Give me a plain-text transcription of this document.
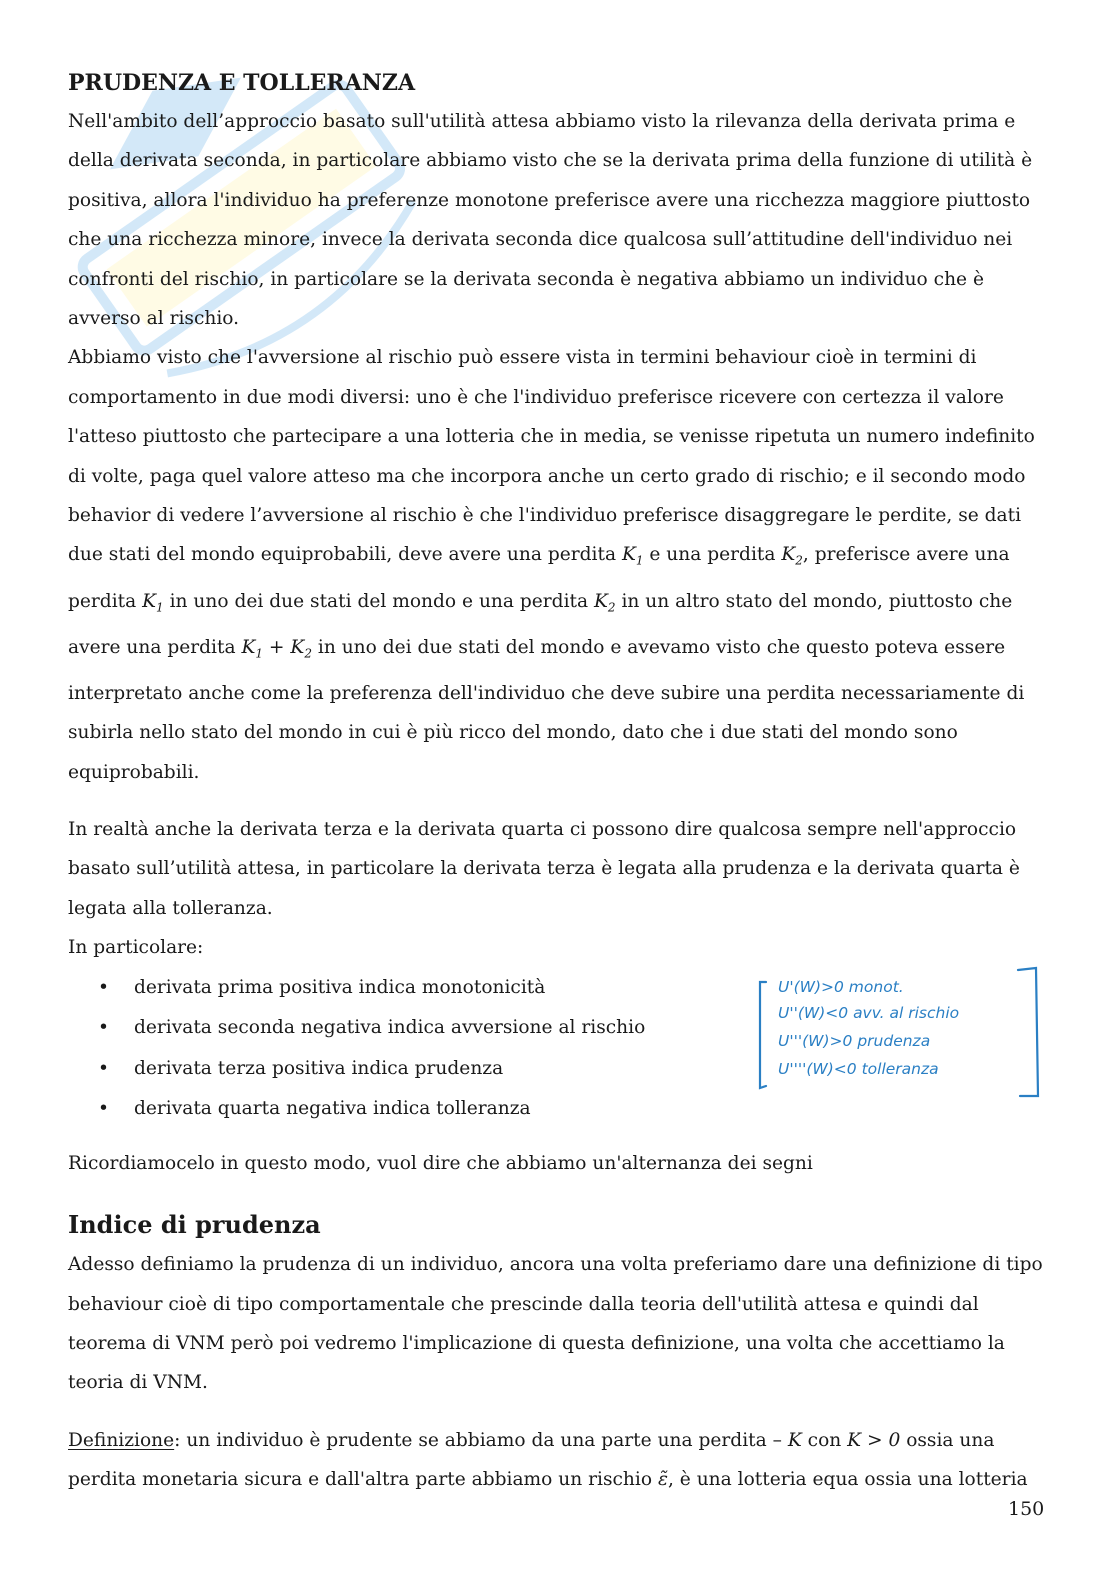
PRUDENZA E TOLLERANZA

Nell'ambito dell’approccio basato sull'utilità attesa abbiamo visto la rilevanza della derivata prima e della derivata seconda, in particolare abbiamo visto che se la derivata prima della funzione di utilità è positiva, allora l'individuo ha preferenze monotone preferisce avere una ricchezza maggiore piuttosto che una ricchezza minore, invece la derivata seconda dice qualcosa sull’attitudine dell'individuo nei confronti del rischio, in particolare se la derivata seconda è negativa abbiamo un individuo che è avverso al rischio.

Abbiamo visto che l'avversione al rischio può essere vista in termini behaviour cioè in termini di comportamento in due modi diversi: uno è che l'individuo preferisce ricevere con certezza il valore l'atteso piuttosto che partecipare a una lotteria che in media, se venisse ripetuta un numero indefinito di volte, paga quel valore atteso ma che incorpora anche un certo grado di rischio; e il secondo modo behavior di vedere l’avversione al rischio è che l'individuo preferisce disaggregare le perdite, se dati due stati del mondo equiprobabili, deve avere una perdita $K_1$ e una perdita $K_2$, preferisce avere una perdita $K_1$ in uno dei due stati del mondo e una perdita $K_2$ in un altro stato del mondo, piuttosto che avere una perdita $K_1 + K_2$ in uno dei due stati del mondo e avevamo visto che questo poteva essere interpretato anche come la preferenza dell'individuo che deve subire una perdita necessariamente di subirla nello stato del mondo in cui è più ricco del mondo, dato che i due stati del mondo sono equiprobabili.

In realtà anche la derivata terza e la derivata quarta ci possono dire qualcosa sempre nell'approccio basato sull’utilità attesa, in particolare la derivata terza è legata alla prudenza e la derivata quarta è legata alla tolleranza.

In particolare:

• derivata prima positiva indica monotonicità
• derivata seconda negativa indica avversione al rischio
• derivata terza positiva indica prudenza
• derivata quarta negativa indica tolleranza

Ricordiamocelo in questo modo, vuol dire che abbiamo un'alternanza dei segni

Indice di prudenza

Adesso definiamo la prudenza di un individuo, ancora una volta preferiamo dare una definizione di tipo behaviour cioè di tipo comportamentale che prescinde dalla teoria dell'utilità attesa e quindi dal teorema di VNM però poi vedremo l'implicazione di questa definizione, una volta che accettiamo la teoria di VNM.

Definizione: un individuo è prudente se abbiamo da una parte una perdita – K con K > 0 ossia una perdita monetaria sicura e dall'altra parte abbiamo un rischio ε̃, è una lotteria equa ossia una lotteria

U'(W)>0 monot.
U''(W)<0 avv. al rischio
U'''(W)>0 prudenza
U''''(W)<0 tolleranza
150
